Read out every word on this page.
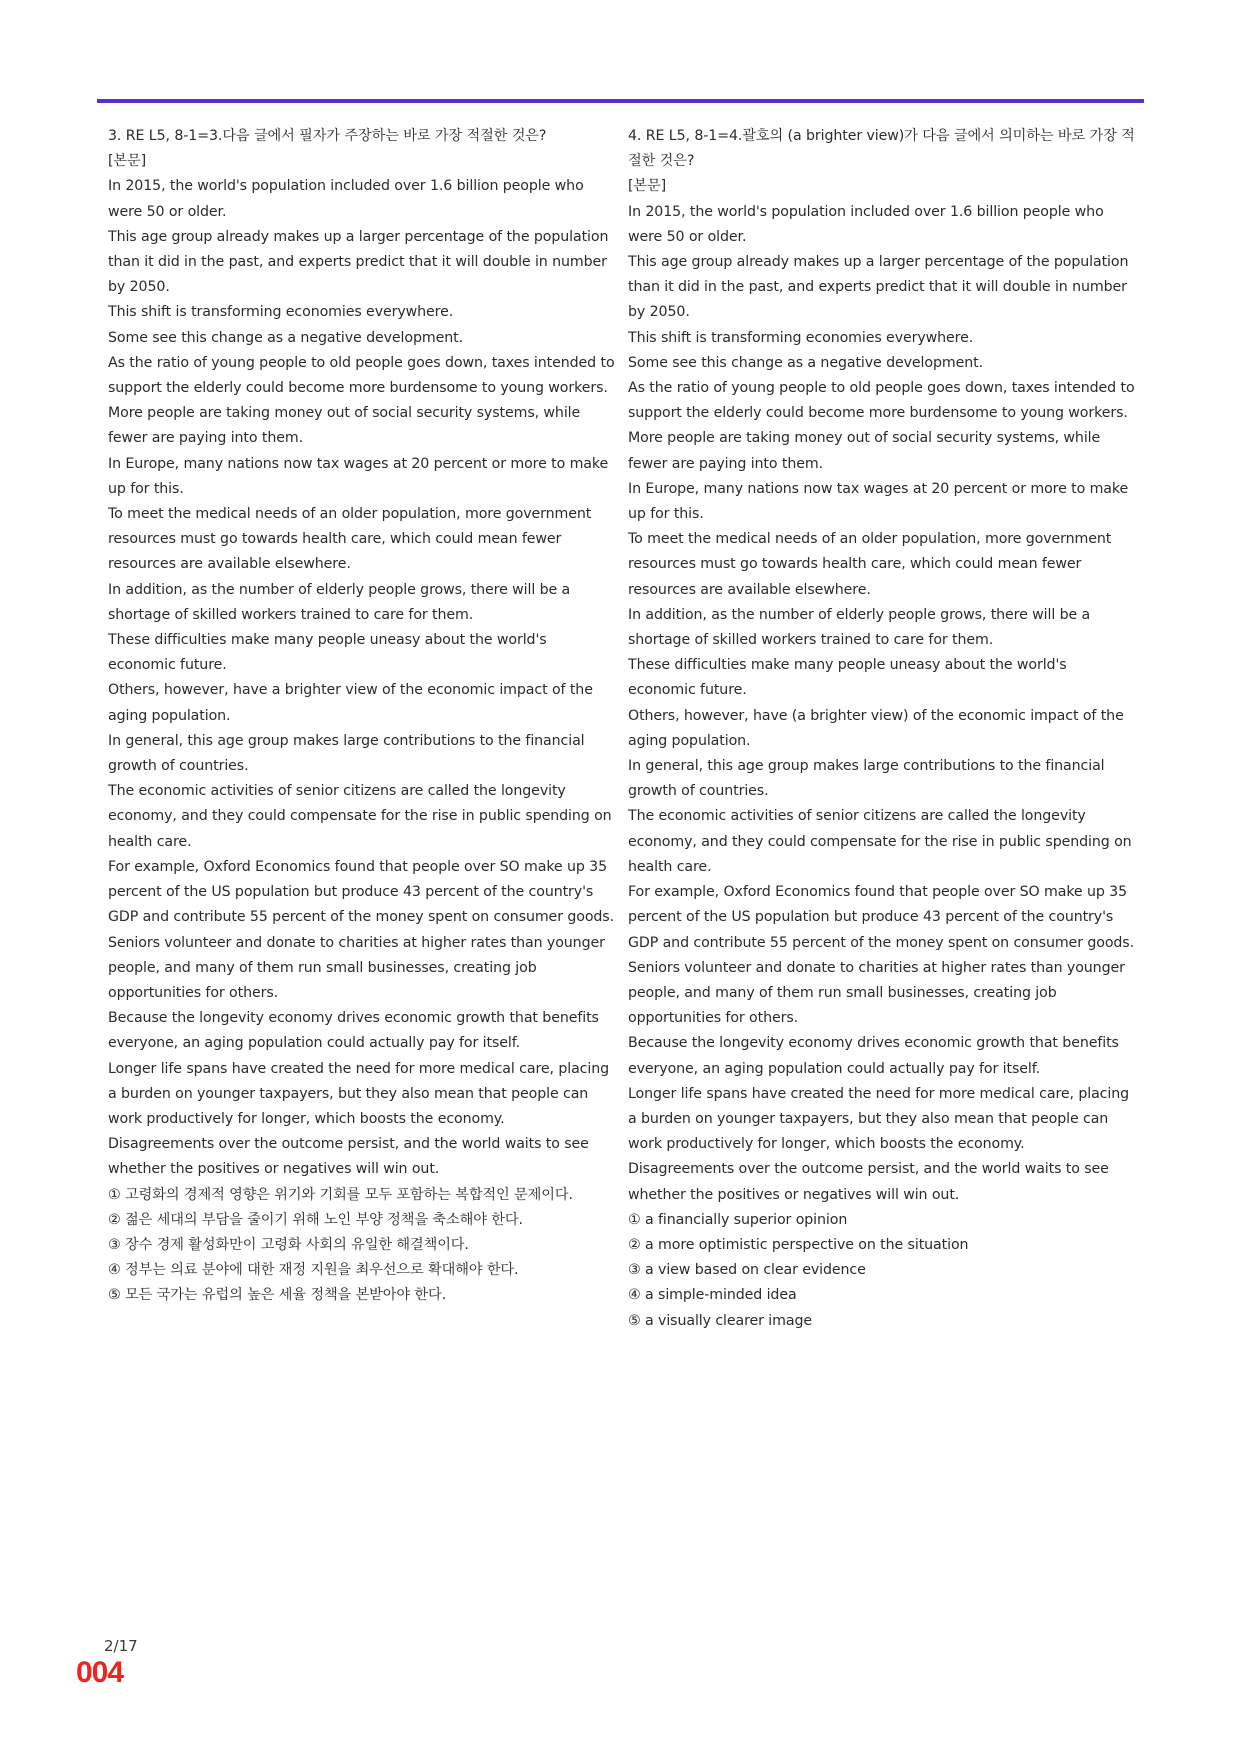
3. RE L5, 8-1=3.다음 글에서 필자가 주장하는 바로 가장 적절한 것은?
[본문]
In 2015, the world's population included over 1.6 billion people who were 50 or older.
This age group already makes up a larger percentage of the population than it did in the past, and experts predict that it will double in number by 2050.
This shift is transforming economies everywhere.
Some see this change as a negative development.
As the ratio of young people to old people goes down, taxes intended to support the elderly could become more burdensome to young workers.
More people are taking money out of social security systems, while fewer are paying into them.
In Europe, many nations now tax wages at 20 percent or more to make up for this.
To meet the medical needs of an older population, more government resources must go towards health care, which could mean fewer resources are available elsewhere.
In addition, as the number of elderly people grows, there will be a shortage of skilled workers trained to care for them.
These difficulties make many people uneasy about the world's economic future.
Others, however, have a brighter view of the economic impact of the aging population.
In general, this age group makes large contributions to the financial growth of countries.
The economic activities of senior citizens are called the longevity economy, and they could compensate for the rise in public spending on health care.
For example, Oxford Economics found that people over SO make up 35 percent of the US population but produce 43 percent of the country's GDP and contribute 55 percent of the money spent on consumer goods.
Seniors volunteer and donate to charities at higher rates than younger people, and many of them run small businesses, creating job opportunities for others.
Because the longevity economy drives economic growth that benefits everyone, an aging population could actually pay for itself.
Longer life spans have created the need for more medical care, placing a burden on younger taxpayers, but they also mean that people can work productively for longer, which boosts the economy.
Disagreements over the outcome persist, and the world waits to see whether the positives or negatives will win out.
① 고령화의 경제적 영향은 위기와 기회를 모두 포함하는 복합적인 문제이다.
② 젊은 세대의 부담을 줄이기 위해 노인 부양 정책을 축소해야 한다.
③ 장수 경제 활성화만이 고령화 사회의 유일한 해결책이다.
④ 정부는 의료 분야에 대한 재정 지원을 최우선으로 확대해야 한다.
⑤ 모든 국가는 유럽의 높은 세율 정책을 본받아야 한다.
4. RE L5, 8-1=4.괄호의 (a brighter view)가 다음 글에서 의미하는 바로 가장 적절한 것은?
[본문]
In 2015, the world's population included over 1.6 billion people who were 50 or older.
This age group already makes up a larger percentage of the population than it did in the past, and experts predict that it will double in number by 2050.
This shift is transforming economies everywhere.
Some see this change as a negative development.
As the ratio of young people to old people goes down, taxes intended to support the elderly could become more burdensome to young workers.
More people are taking money out of social security systems, while fewer are paying into them.
In Europe, many nations now tax wages at 20 percent or more to make up for this.
To meet the medical needs of an older population, more government resources must go towards health care, which could mean fewer resources are available elsewhere.
In addition, as the number of elderly people grows, there will be a shortage of skilled workers trained to care for them.
These difficulties make many people uneasy about the world's economic future.
Others, however, have (a brighter view) of the economic impact of the aging population.
In general, this age group makes large contributions to the financial growth of countries.
The economic activities of senior citizens are called the longevity economy, and they could compensate for the rise in public spending on health care.
For example, Oxford Economics found that people over SO make up 35 percent of the US population but produce 43 percent of the country's GDP and contribute 55 percent of the money spent on consumer goods.
Seniors volunteer and donate to charities at higher rates than younger people, and many of them run small businesses, creating job opportunities for others.
Because the longevity economy drives economic growth that benefits everyone, an aging population could actually pay for itself.
Longer life spans have created the need for more medical care, placing a burden on younger taxpayers, but they also mean that people can work productively for longer, which boosts the economy.
Disagreements over the outcome persist, and the world waits to see whether the positives or negatives will win out.
① a financially superior opinion
② a more optimistic perspective on the situation
③ a view based on clear evidence
④ a simple-minded idea
⑤ a visually clearer image
2/17
004
